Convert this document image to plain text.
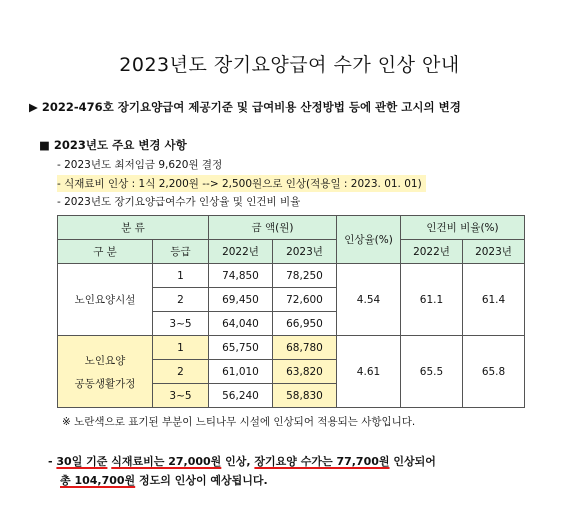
2023년도 장기요양급여 수가 인상 안내
▶ 2022-476호 장기요양급여 제공기준 및 급여비용 산정방법 등에 관한 고시의 변경
■ 2023년도 주요 변경 사항
- 2023년도 최저임금 9,620원 결정
- 식재료비 인상 : 1식 2,200원 --> 2,500원으로 인상(적용일 : 2023. 01. 01)
- 2023년도 장기요양급여수가 인상율 및 인건비 비율
분 류		금 액(원)		인상율(%)	인건비 비율(%)	
구 분	등급	2022년	2023년		2022년	2023년
노인요양시설	1	74,850	78,250	4.54	61.1	61.4
	2	69,450	72,600			
	3~5	64,040	66,950			

노인요양
공동생활가정	1	65,750	68,780	4.61	65.5	65.8
	2	61,010	63,820			
	3~5	56,240	58,830			
※ 노란색으로 표기된 부분이 느티나무 시설에 인상되어 적용되는 사항입니다.
- 30일 기준 식재료비는 27,000원 인상, 장기요양 수가는 77,700원 인상되어
총 104,700원 정도의 인상이 예상됩니다.
